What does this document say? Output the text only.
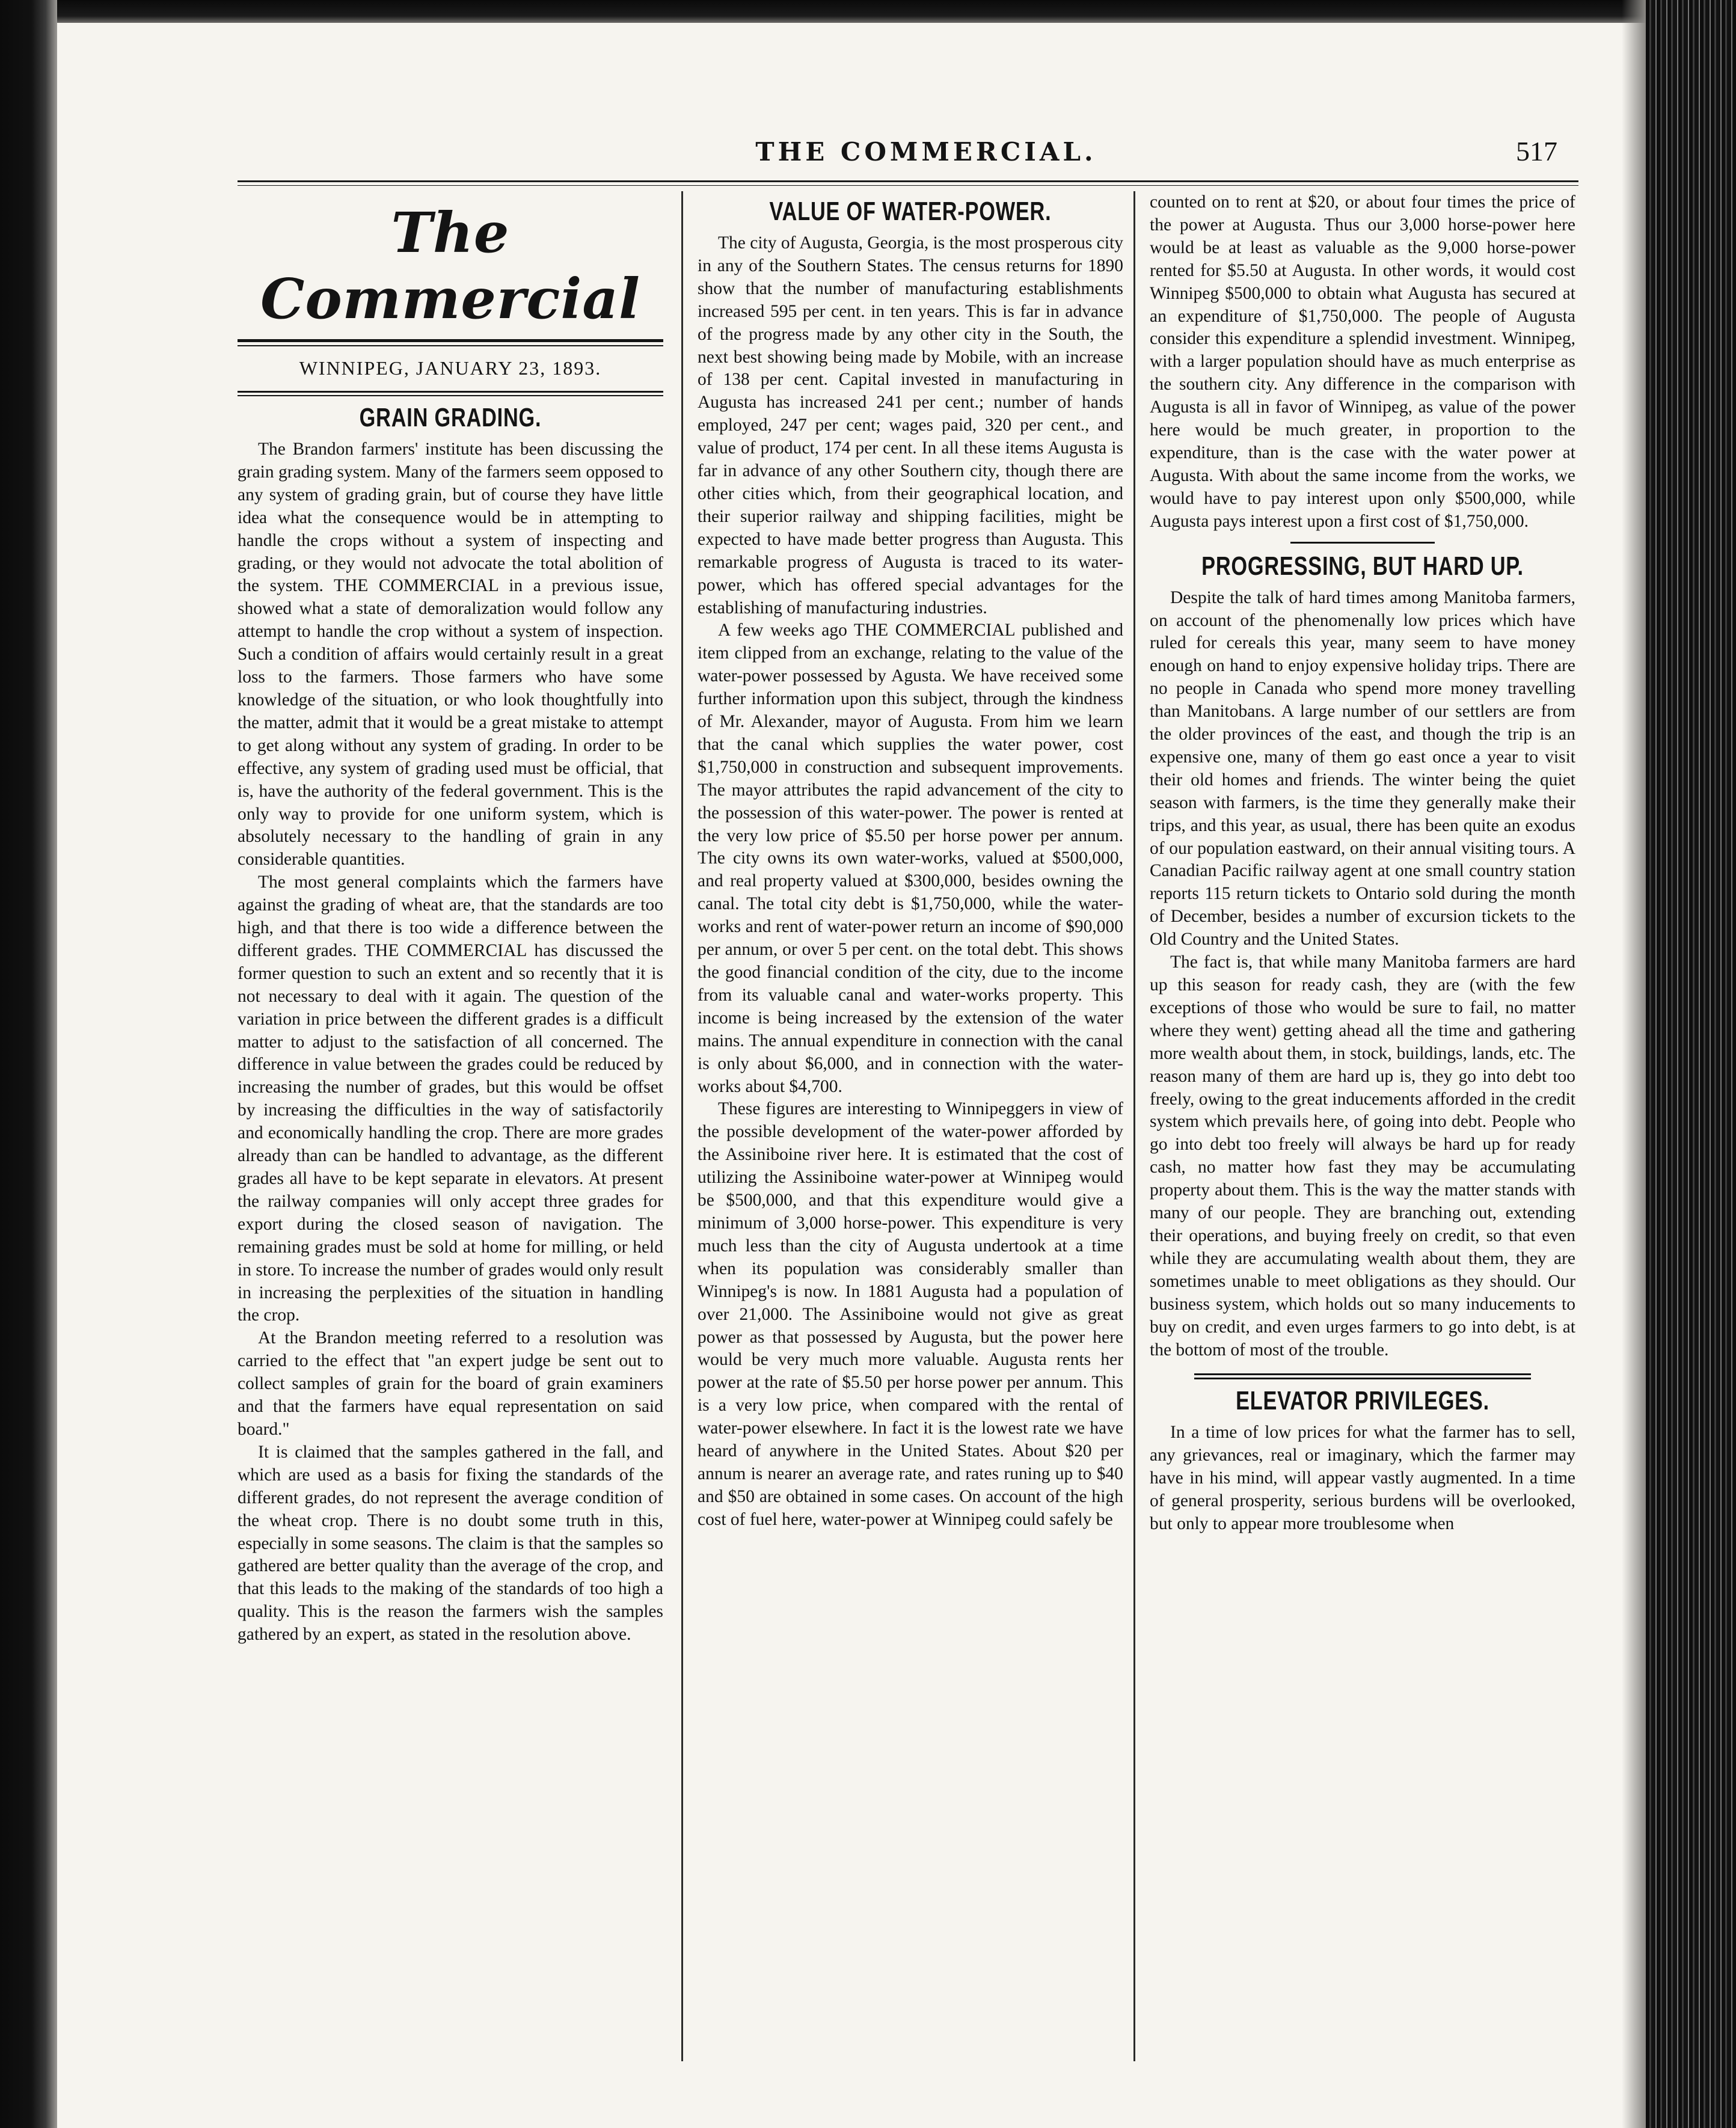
THE COMMERCIAL.	517
The Commercial
WINNIPEG, JANUARY 23, 1893.
GRAIN GRADING.

The Brandon farmers' institute has been discussing the grain grading system. Many of the farmers seem opposed to any system of grading grain, but of course they have little idea what the consequence would be in attempting to handle the crops without a system of inspecting and grading, or they would not advocate the total abolition of the system. THE COMMERCIAL in a previous issue, showed what a state of demoralization would follow any attempt to handle the crop without a system of inspection. Such a condition of affairs would certainly result in a great loss to the farmers. Those farmers who have some knowledge of the situation, or who look thoughtfully into the matter, admit that it would be a great mistake to attempt to get along without any system of grading. In order to be effective, any system of grading used must be official, that is, have the authority of the federal government. This is the only way to provide for one uniform system, which is absolutely necessary to the handling of grain in any considerable quantities.

The most general complaints which the farmers have against the grading of wheat are, that the standards are too high, and that there is too wide a difference between the different grades. THE COMMERCIAL has discussed the former question to such an extent and so recently that it is not necessary to deal with it again. The question of the variation in price between the different grades is a difficult matter to adjust to the satisfaction of all concerned. The difference in value between the grades could be reduced by increasing the number of grades, but this would be offset by increasing the difficulties in the way of satisfactorily and economically handling the crop. There are more grades already than can be handled to advantage, as the different grades all have to be kept separate in elevators. At present the railway companies will only accept three grades for export during the closed season of navigation. The remaining grades must be sold at home for milling, or held in store. To increase the number of grades would only result in increasing the perplexities of the situation in handling the crop.

At the Brandon meeting referred to a resolution was carried to the effect that "an expert judge be sent out to collect samples of grain for the board of grain examiners and that the farmers have equal representation on said board."

It is claimed that the samples gathered in the fall, and which are used as a basis for fixing the standards of the different grades, do not represent the average condition of the wheat crop. There is no doubt some truth in this, especially in some seasons. The claim is that the samples so gathered are better quality than the average of the crop, and that this leads to the making of the standards of too high a quality. This is the reason the farmers wish the samples gathered by an expert, as stated in the resolution above.

VALUE OF WATER-POWER.

The city of Augusta, Georgia, is the most prosperous city in any of the Southern States. The census returns for 1890 show that the number of manufacturing establishments increased 595 per cent. in ten years. This is far in advance of the progress made by any other city in the South, the next best showing being made by Mobile, with an increase of 138 per cent. Capital invested in manufacturing in Augusta has increased 241 per cent.; number of hands employed, 247 per cent; wages paid, 320 per cent., and value of product, 174 per cent. In all these items Augusta is far in advance of any other Southern city, though there are other cities which, from their geographical location, and their superior railway and shipping facilities, might be expected to have made better progress than Augusta. This remarkable progress of Augusta is traced to its water-power, which has offered special advantages for the establishing of manufacturing industries.

A few weeks ago THE COMMERCIAL published and item clipped from an exchange, relating to the value of the water-power possessed by Agusta. We have received some further information upon this subject, through the kindness of Mr. Alexander, mayor of Augusta. From him we learn that the canal which supplies the water power, cost $1,750,000 in construction and subsequent improvements. The mayor attributes the rapid advancement of the city to the possession of this water-power. The power is rented at the very low price of $5.50 per horse power per annum. The city owns its own water-works, valued at $500,000, and real property valued at $300,000, besides owning the canal. The total city debt is $1,750,000, while the water-works and rent of water-power return an income of $90,000 per annum, or over 5 per cent. on the total debt. This shows the good financial condition of the city, due to the income from its valuable canal and water-works property. This income is being increased by the extension of the water mains. The annual expenditure in connection with the canal is only about $6,000, and in connection with the water-works about $4,700.

These figures are interesting to Winnipeggers in view of the possible development of the water-power afforded by the Assiniboine river here. It is estimated that the cost of utilizing the Assiniboine water-power at Winnipeg would be $500,000, and that this expenditure would give a minimum of 3,000 horse-power. This expenditure is very much less than the city of Augusta undertook at a time when its population was considerably smaller than Winnipeg's is now. In 1881 Augusta had a population of over 21,000. The Assiniboine would not give as great power as that possessed by Augusta, but the power here would be very much more valuable. Augusta rents her power at the rate of $5.50 per horse power per annum. This is a very low price, when compared with the rental of water-power elsewhere. In fact it is the lowest rate we have heard of anywhere in the United States. About $20 per annum is nearer an average rate, and rates runing up to $40 and $50 are obtained in some cases. On account of the high cost of fuel here, water-power at Winnipeg could safely be

counted on to rent at $20, or about four times the price of the power at Augusta. Thus our 3,000 horse-power here would be at least as valuable as the 9,000 horse-power rented for $5.50 at Augusta. In other words, it would cost Winnipeg $500,000 to obtain what Augusta has secured at an expenditure of $1,750,000. The people of Augusta consider this expenditure a splendid investment. Winnipeg, with a larger population should have as much enterprise as the southern city. Any difference in the comparison with Augusta is all in favor of Winnipeg, as value of the power here would be much greater, in proportion to the expenditure, than is the case with the water power at Augusta. With about the same income from the works, we would have to pay interest upon only $500,000, while Augusta pays interest upon a first cost of $1,750,000.

PROGRESSING, BUT HARD UP.

Despite the talk of hard times among Manitoba farmers, on account of the phenomenally low prices which have ruled for cereals this year, many seem to have money enough on hand to enjoy expensive holiday trips. There are no people in Canada who spend more money travelling than Manitobans. A large number of our settlers are from the older provinces of the east, and though the trip is an expensive one, many of them go east once a year to visit their old homes and friends. The winter being the quiet season with farmers, is the time they generally make their trips, and this year, as usual, there has been quite an exodus of our population eastward, on their annual visiting tours. A Canadian Pacific railway agent at one small country station reports 115 return tickets to Ontario sold during the month of December, besides a number of excursion tickets to the Old Country and the United States.

The fact is, that while many Manitoba farmers are hard up this season for ready cash, they are (with the few exceptions of those who would be sure to fail, no matter where they went) getting ahead all the time and gathering more wealth about them, in stock, buildings, lands, etc. The reason many of them are hard up is, they go into debt too freely, owing to the great inducements afforded in the credit system which prevails here, of going into debt. People who go into debt too freely will always be hard up for ready cash, no matter how fast they may be accumulating property about them. This is the way the matter stands with many of our people. They are branching out, extending their operations, and buying freely on credit, so that even while they are accumulating wealth about them, they are sometimes unable to meet obligations as they should. Our business system, which holds out so many inducements to buy on credit, and even urges farmers to go into debt, is at the bottom of most of the trouble.

ELEVATOR PRIVILEGES.

In a time of low prices for what the farmer has to sell, any grievances, real or imaginary, which the farmer may have in his mind, will appear vastly augmented. In a time of general prosperity, serious burdens will be overlooked, but only to appear more troublesome when
